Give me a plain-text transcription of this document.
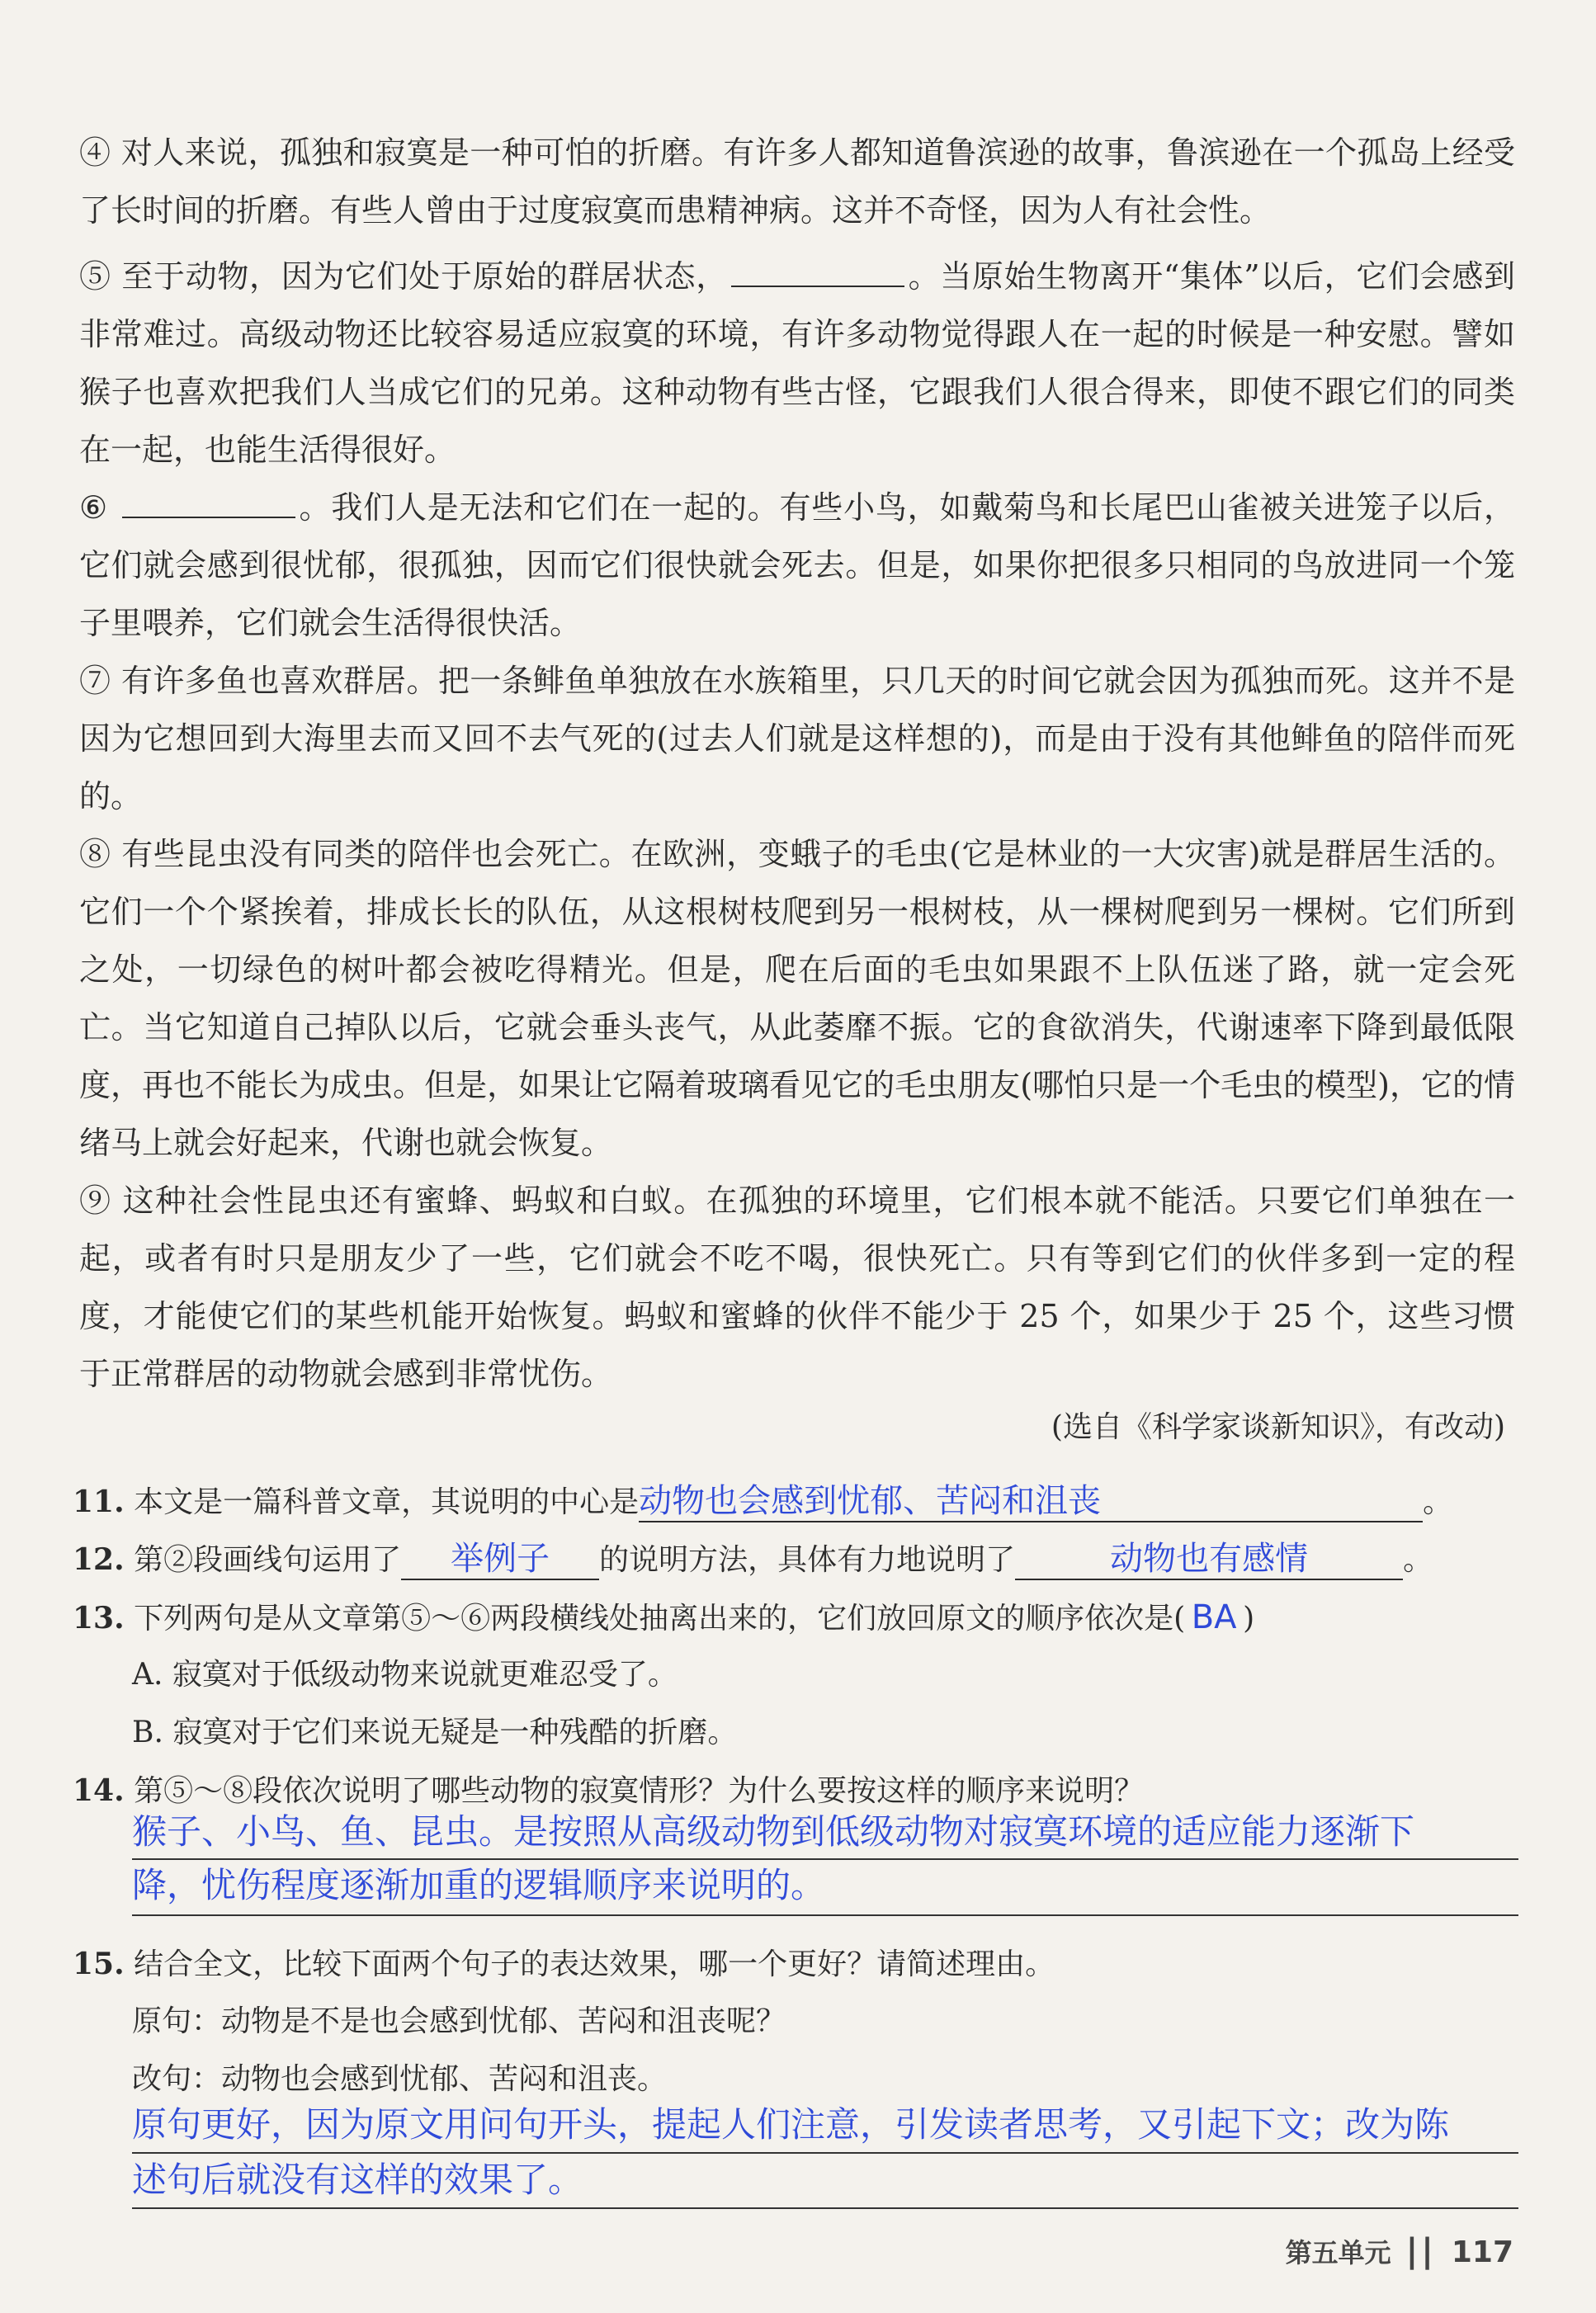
④ 对人来说，孤独和寂寞是一种可怕的折磨。有许多人都知道鲁滨逊的故事，鲁滨逊在一个孤岛上经受了长时间的折磨。有些人曾由于过度寂寞而患精神病。这并不奇怪，因为人有社会性。

⑤ 至于动物，因为它们处于原始的群居状态，	。当原始生物离开“集体”以后，它们会感到非常难过。高级动物还比较容易适应寂寞的环境，有许多动物觉得跟人在一起的时候是一种安慰。譬如猴子也喜欢把我们人当成它们的兄弟。这种动物有些古怪，它跟我们人很合得来，即使不跟它们的同类在一起，也能生活得很好。

⑥	。我们人是无法和它们在一起的。有些小鸟，如戴菊鸟和长尾巴山雀被关进笼子以后，它们就会感到很忧郁，很孤独，因而它们很快就会死去。但是，如果你把很多只相同的鸟放进同一个笼子里喂养，它们就会生活得很快活。

⑦ 有许多鱼也喜欢群居。把一条鲱鱼单独放在水族箱里，只几天的时间它就会因为孤独而死。这并不是因为它想回到大海里去而又回不去气死的(过去人们就是这样想的)，而是由于没有其他鲱鱼的陪伴而死的。

⑧ 有些昆虫没有同类的陪伴也会死亡。在欧洲，变蛾子的毛虫(它是林业的一大灾害)就是群居生活的。它们一个个紧挨着，排成长长的队伍，从这根树枝爬到另一根树枝，从一棵树爬到另一棵树。它们所到之处，一切绿色的树叶都会被吃得精光。但是，爬在后面的毛虫如果跟不上队伍迷了路，就一定会死亡。当它知道自己掉队以后，它就会垂头丧气，从此萎靡不振。它的食欲消失，代谢速率下降到最低限度，再也不能长为成虫。但是，如果让它隔着玻璃看见它的毛虫朋友(哪怕只是一个毛虫的模型)，它的情绪马上就会好起来，代谢也就会恢复。

⑨ 这种社会性昆虫还有蜜蜂、蚂蚁和白蚁。在孤独的环境里，它们根本就不能活。只要它们单独在一起，或者有时只是朋友少了一些，它们就会不吃不喝，很快死亡。只有等到它们的伙伴多到一定的程度，才能使它们的某些机能开始恢复。蚂蚁和蜜蜂的伙伴不能少于 25 个，如果少于 25 个，这些习惯于正常群居的动物就会感到非常忧伤。

(选自《科学家谈新知识》，有改动)
11. 本文是一篇科普文章，其说明的中心是动物也会感到忧郁、苦闷和沮丧	。
12. 第②段画线句运用了 举例子 的说明方法，具体有力地说明了	动物也有感情	。
13. 下列两句是从文章第⑤～⑥两段横线处抽离出来的，它们放回原文的顺序依次是( BA )
A. 寂寞对于低级动物来说就更难忍受了。
B. 寂寞对于它们来说无疑是一种残酷的折磨。
14. 第⑤～⑧段依次说明了哪些动物的寂寞情形？为什么要按这样的顺序来说明？
猴子、小鸟、鱼、昆虫。是按照从高级动物到低级动物对寂寞环境的适应能力逐渐下
降，忧伤程度逐渐加重的逻辑顺序来说明的。
15. 结合全文，比较下面两个句子的表达效果，哪一个更好？请简述理由。
原句：动物是不是也会感到忧郁、苦闷和沮丧呢？
改句：动物也会感到忧郁、苦闷和沮丧。
原句更好，因为原文用问句开头，提起人们注意，引发读者思考，又引起下文；改为陈
述句后就没有这样的效果了。
第五单元 || 117
